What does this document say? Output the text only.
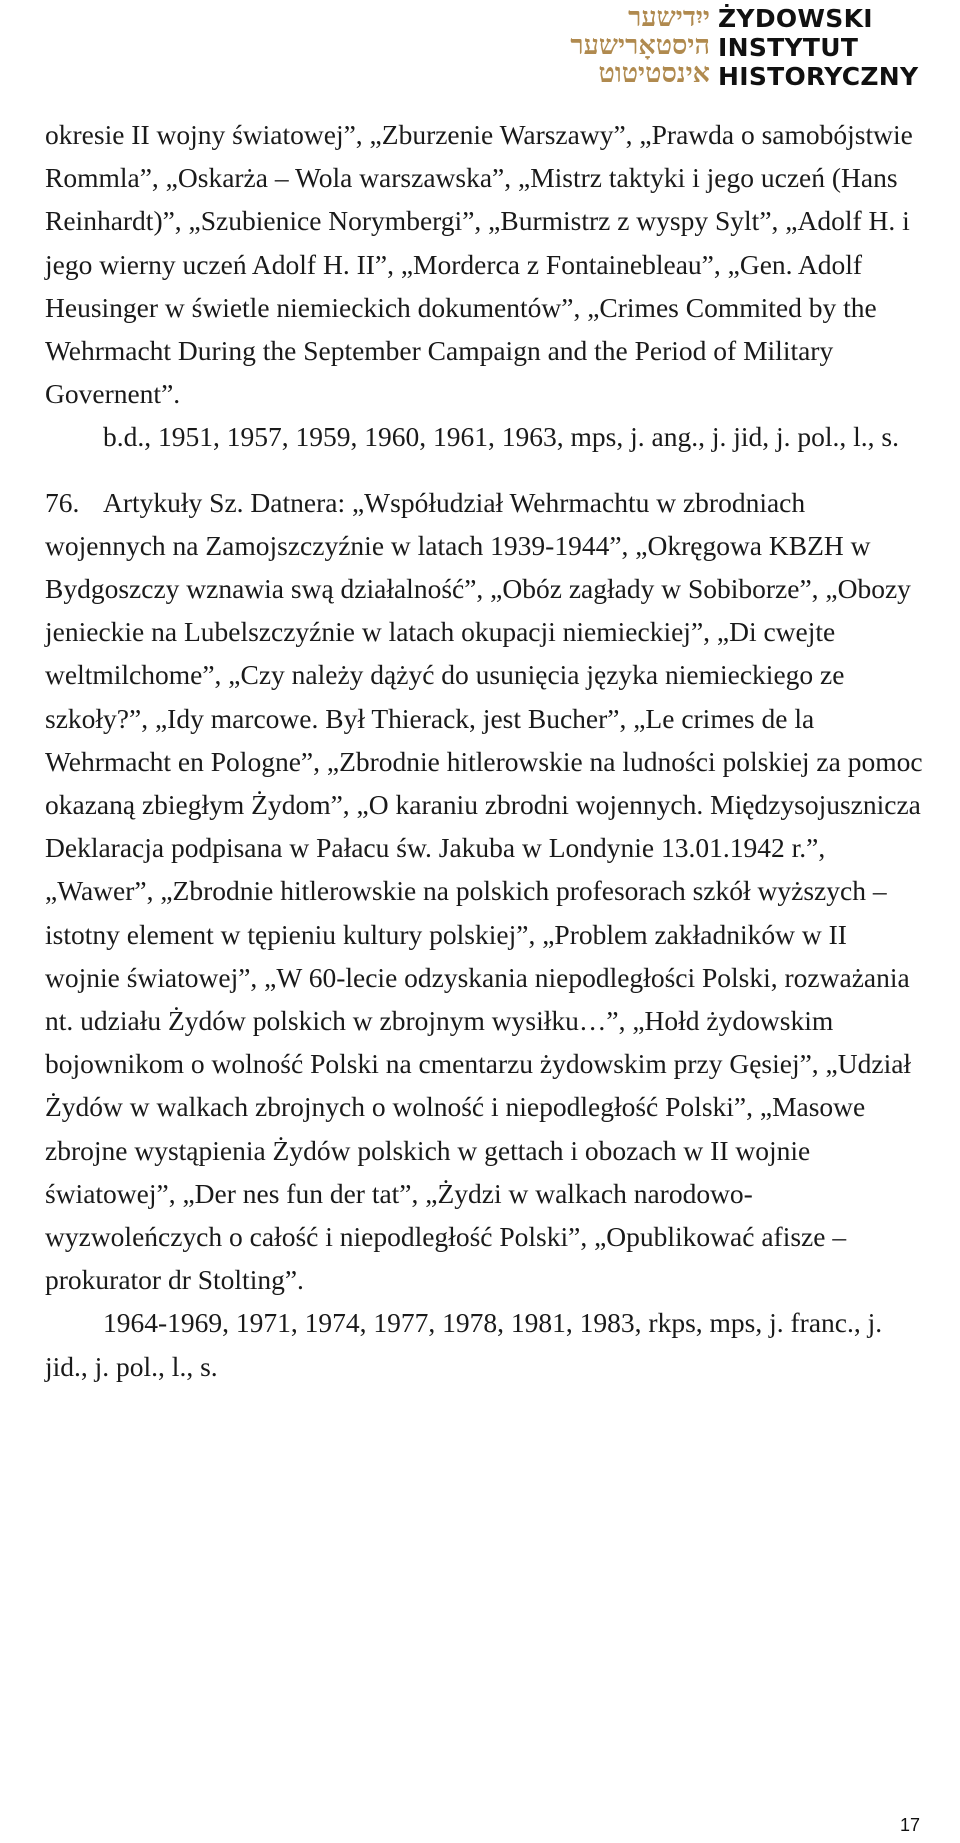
ייִדישער
היסטאָרישער
אינסטיטוט
ŻYDOWSKI
INSTYTUT
HISTORYCZNY

okresie II wojny światowej”, „Zburzenie Warszawy”, „Prawda o samobójstwie Rommla”, „Oskarża – Wola warszawska”, „Mistrz taktyki i jego uczeń (Hans Reinhardt)”, „Szubienice Norymbergi”, „Burmistrz z wyspy Sylt”, „Adolf H. i jego wierny uczeń Adolf H. II”, „Morderca z Fontainebleau”, „Gen. Adolf Heusinger w świetle niemieckich dokumentów”, „Crimes Commited by the Wehrmacht During the September Campaign and the Period of Military Governent”.

b.d., 1951, 1957, 1959, 1960, 1961, 1963, mps, j. ang., j. jid, j. pol., l., s.

76. Artykuły Sz. Datnera: „Współudział Wehrmachtu w zbrodniach wojennych na Zamojszczyźnie w latach 1939-1944”, „Okręgowa KBZH w Bydgoszczy wznawia swą działalność”, „Obóz zagłady w Sobiborze”, „Obozy jenieckie na Lubelszczyźnie w latach okupacji niemieckiej”, „Di cwejte weltmilchome”, „Czy należy dążyć do usunięcia języka niemieckiego ze szkoły?”, „Idy marcowe. Był Thierack, jest Bucher”, „Le crimes de la Wehrmacht en Pologne”, „Zbrodnie hitlerowskie na ludności polskiej za pomoc okazaną zbiegłym Żydom”, „O karaniu zbrodni wojennych. Międzysojusznicza Deklaracja podpisana w Pałacu św. Jakuba w Londynie 13.01.1942 r.”, „Wawer”, „Zbrodnie hitlerowskie na polskich profesorach szkół wyższych – istotny element w tępieniu kultury polskiej”, „Problem zakładników w II wojnie światowej”, „W 60-lecie odzyskania niepodległości Polski, rozważania nt. udziału Żydów polskich w zbrojnym wysiłku…”, „Hołd żydowskim bojownikom o wolność Polski na cmentarzu żydowskim przy Gęsiej”, „Udział Żydów w walkach zbrojnych o wolność i niepodległość Polski”, „Masowe zbrojne wystąpienia Żydów polskich w gettach i obozach w II wojnie światowej”, „Der nes fun der tat”, „Żydzi w walkach narodowo-wyzwoleńczych o całość i niepodległość Polski”, „Opublikować afisze – prokurator dr Stolting”.

1964-1969, 1971, 1974, 1977, 1978, 1981, 1983, rkps, mps, j. franc., j. jid., j. pol., l., s.

17
